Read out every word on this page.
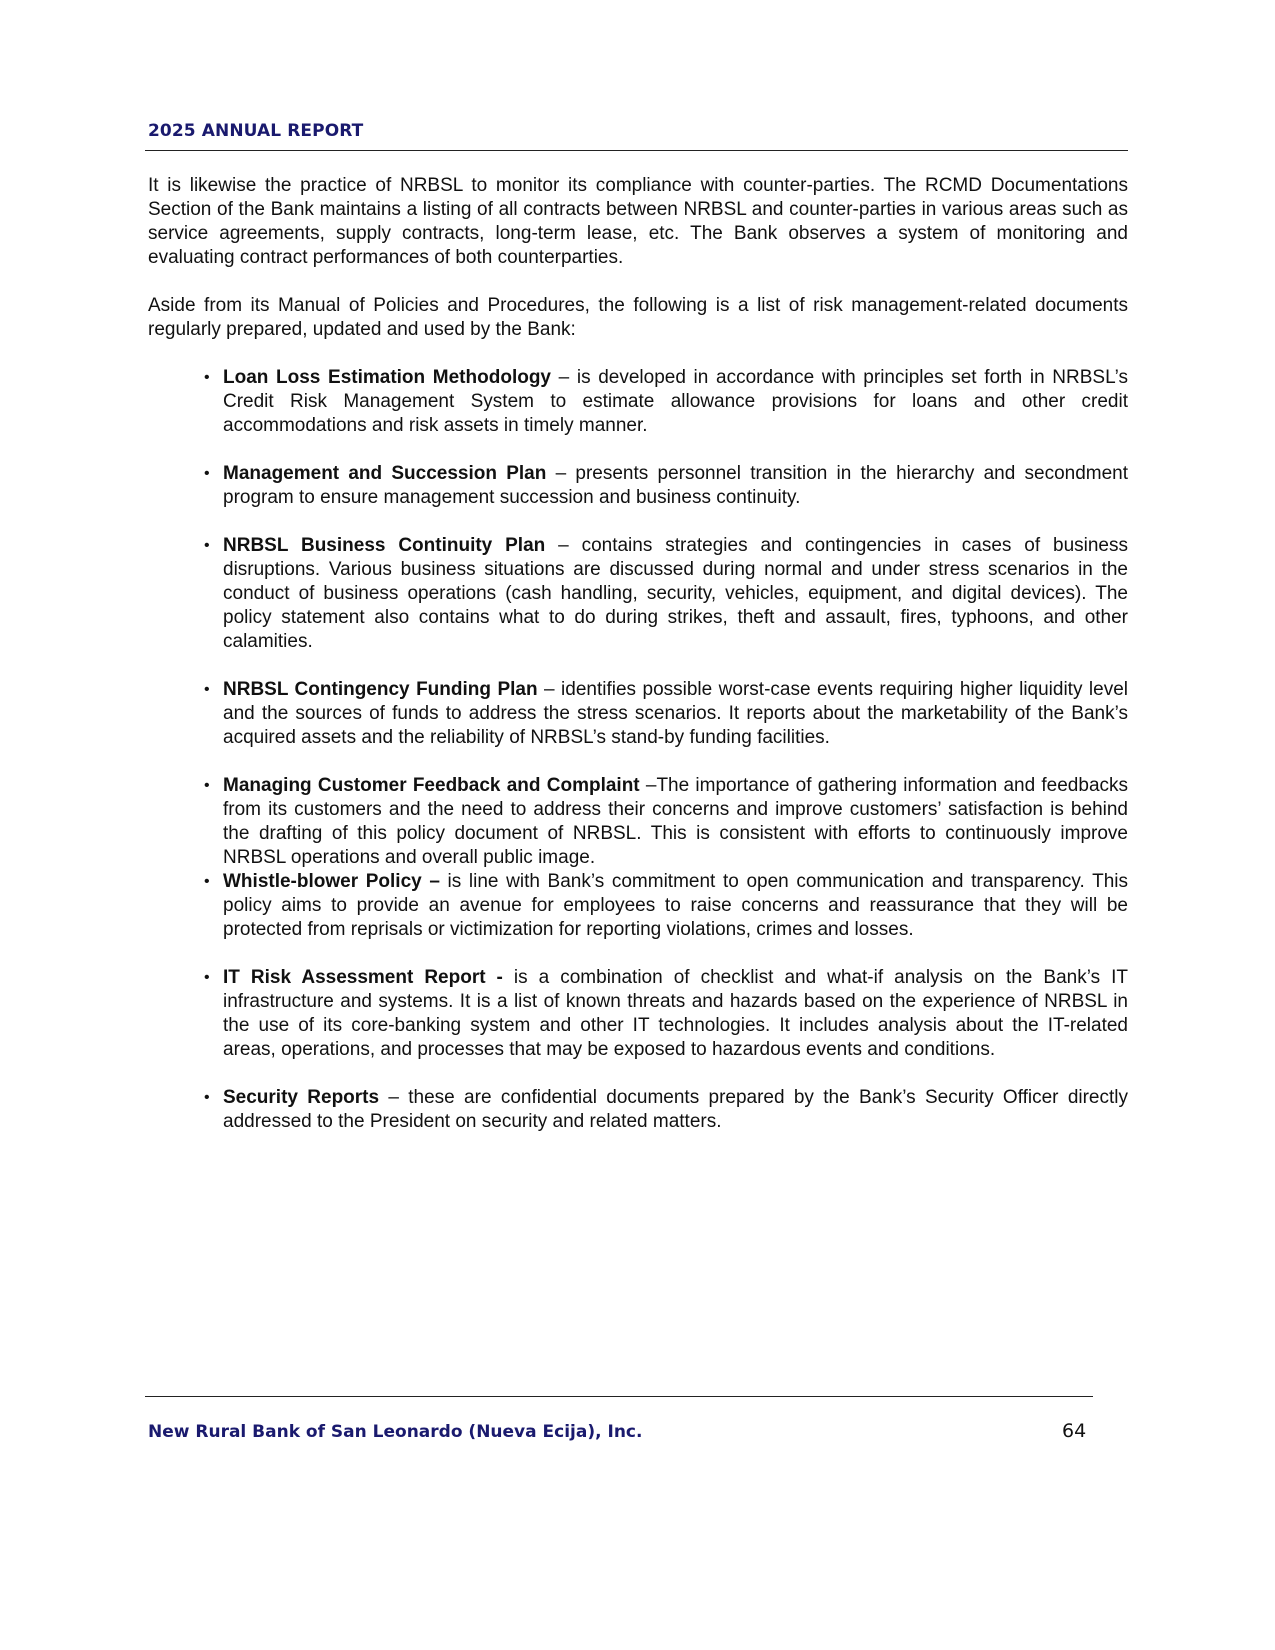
2025 ANNUAL REPORT

It is likewise the practice of NRBSL to monitor its compliance with counter-parties. The RCMD Documentations Section of the Bank maintains a listing of all contracts between NRBSL and counter-parties in various areas such as service agreements, supply contracts, long-term lease, etc. The Bank observes a system of monitoring and evaluating contract performances of both counterparties.

Aside from its Manual of Policies and Procedures, the following is a list of risk management-related documents regularly prepared, updated and used by the Bank:

• Loan Loss Estimation Methodology – is developed in accordance with principles set forth in NRBSL’s Credit Risk Management System to estimate allowance provisions for loans and other credit accommodations and risk assets in timely manner.
• Management and Succession Plan – presents personnel transition in the hierarchy and secondment program to ensure management succession and business continuity.
• NRBSL Business Continuity Plan – contains strategies and contingencies in cases of business disruptions. Various business situations are discussed during normal and under stress scenarios in the conduct of business operations (cash handling, security, vehicles, equipment, and digital devices). The policy statement also contains what to do during strikes, theft and assault, fires, typhoons, and other calamities.
• NRBSL Contingency Funding Plan – identifies possible worst-case events requiring higher liquidity level and the sources of funds to address the stress scenarios. It reports about the marketability of the Bank’s acquired assets and the reliability of NRBSL’s stand-by funding facilities.
• Managing Customer Feedback and Complaint –The importance of gathering information and feedbacks from its customers and the need to address their concerns and improve customers’ satisfaction is behind the drafting of this policy document of NRBSL. This is consistent with efforts to continuously improve NRBSL operations and overall public image.
• Whistle-blower Policy – is line with Bank’s commitment to open communication and transparency. This policy aims to provide an avenue for employees to raise concerns and reassurance that they will be protected from reprisals or victimization for reporting violations, crimes and losses.
• IT Risk Assessment Report - is a combination of checklist and what-if analysis on the Bank’s IT infrastructure and systems. It is a list of known threats and hazards based on the experience of NRBSL in the use of its core-banking system and other IT technologies. It includes analysis about the IT-related areas, operations, and processes that may be exposed to hazardous events and conditions.
• Security Reports – these are confidential documents prepared by the Bank’s Security Officer directly addressed to the President on security and related matters.
New Rural Bank of San Leonardo (Nueva Ecija), Inc.	64
